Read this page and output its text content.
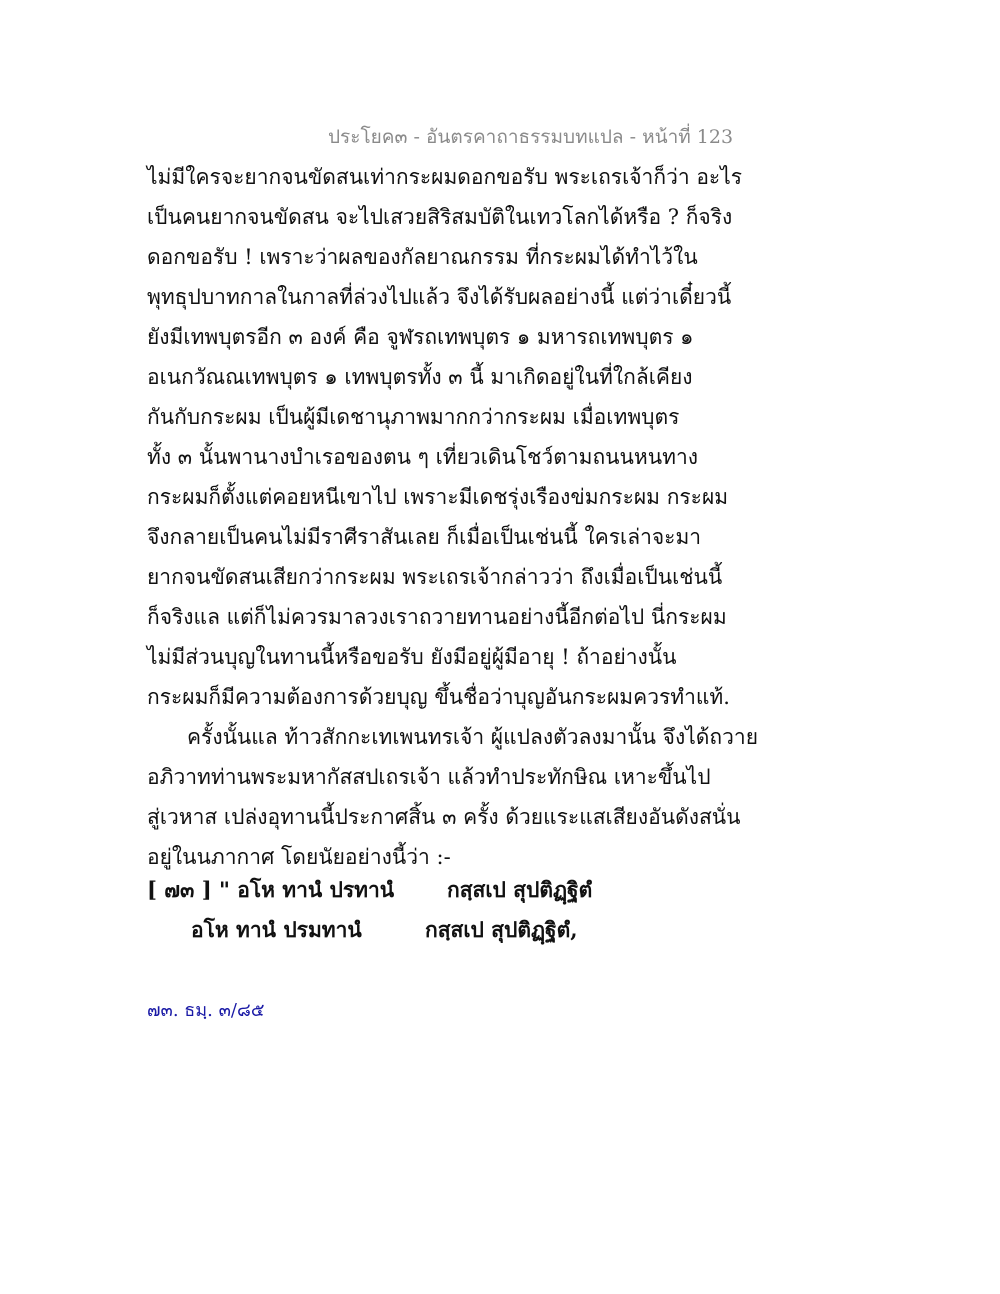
ประโยค๓ - อันตรคาถาธรรมบทแปล - หน้าที่ 123
ไม่มีใครจะยากจนขัดสนเท่ากระผมดอกขอรับ พระเถรเจ้าก็ว่า อะไร
เป็นคนยากจนขัดสน จะไปเสวยสิริสมบัติในเทวโลกได้หรือ ? ก็จริง
ดอกขอรับ ! เพราะว่าผลของกัลยาณกรรม ที่กระผมได้ทำไว้ใน
พุทธุปบาทกาลในกาลที่ล่วงไปแล้ว จึงได้รับผลอย่างนี้ แต่ว่าเดี๋ยวนี้
ยังมีเทพบุตรอีก ๓ องค์ คือ จูฬรถเทพบุตร ๑ มหารถเทพบุตร ๑
อเนกวัณณเทพบุตร ๑ เทพบุตรทั้ง ๓ นี้ มาเกิดอยู่ในที่ใกล้เคียง
กันกับกระผม เป็นผู้มีเดชานุภาพมากกว่ากระผม เมื่อเทพบุตร
ทั้ง ๓ นั้นพานางบำเรอของตน ๆ เที่ยวเดินโชว์ตามถนนหนทาง
กระผมก็ตั้งแต่คอยหนีเขาไป เพราะมีเดชรุ่งเรืองข่มกระผม กระผม
จึงกลายเป็นคนไม่มีราศีราสันเลย ก็เมื่อเป็นเช่นนี้ ใครเล่าจะมา
ยากจนขัดสนเสียกว่ากระผม พระเถรเจ้ากล่าวว่า ถึงเมื่อเป็นเช่นนี้
ก็จริงแล แต่ก็ไม่ควรมาลวงเราถวายทานอย่างนี้อีกต่อไป นี่กระผม
ไม่มีส่วนบุญในทานนี้หรือขอรับ ยังมีอยู่ผู้มีอายุ ! ถ้าอย่างนั้น
กระผมก็มีความต้องการด้วยบุญ ขึ้นชื่อว่าบุญอันกระผมควรทำแท้.
ครั้งนั้นแล ท้าวสักกะเทเพนทรเจ้า ผู้แปลงตัวลงมานั้น จึงได้ถวาย
อภิวาทท่านพระมหากัสสปเถรเจ้า แล้วทำประทักษิณ เหาะขึ้นไป
สู่เวหาส เปล่งอุทานนี้ประกาศสิ้น ๓ ครั้ง ด้วยแระแสเสียงอันดังสนั่น
อยู่ในนภากาศ โดยนัยอย่างนี้ว่า :-
[ ๗๓ ] " อโห ทานํ ปรทานํ	กสฺสเป สุปติฏฺฐิตํ
อโห ทานํ ปรมทานํ	กสฺสเป สุปติฏฺฐิตํ,
๗๓. ธมฺ. ๓/๘๕
